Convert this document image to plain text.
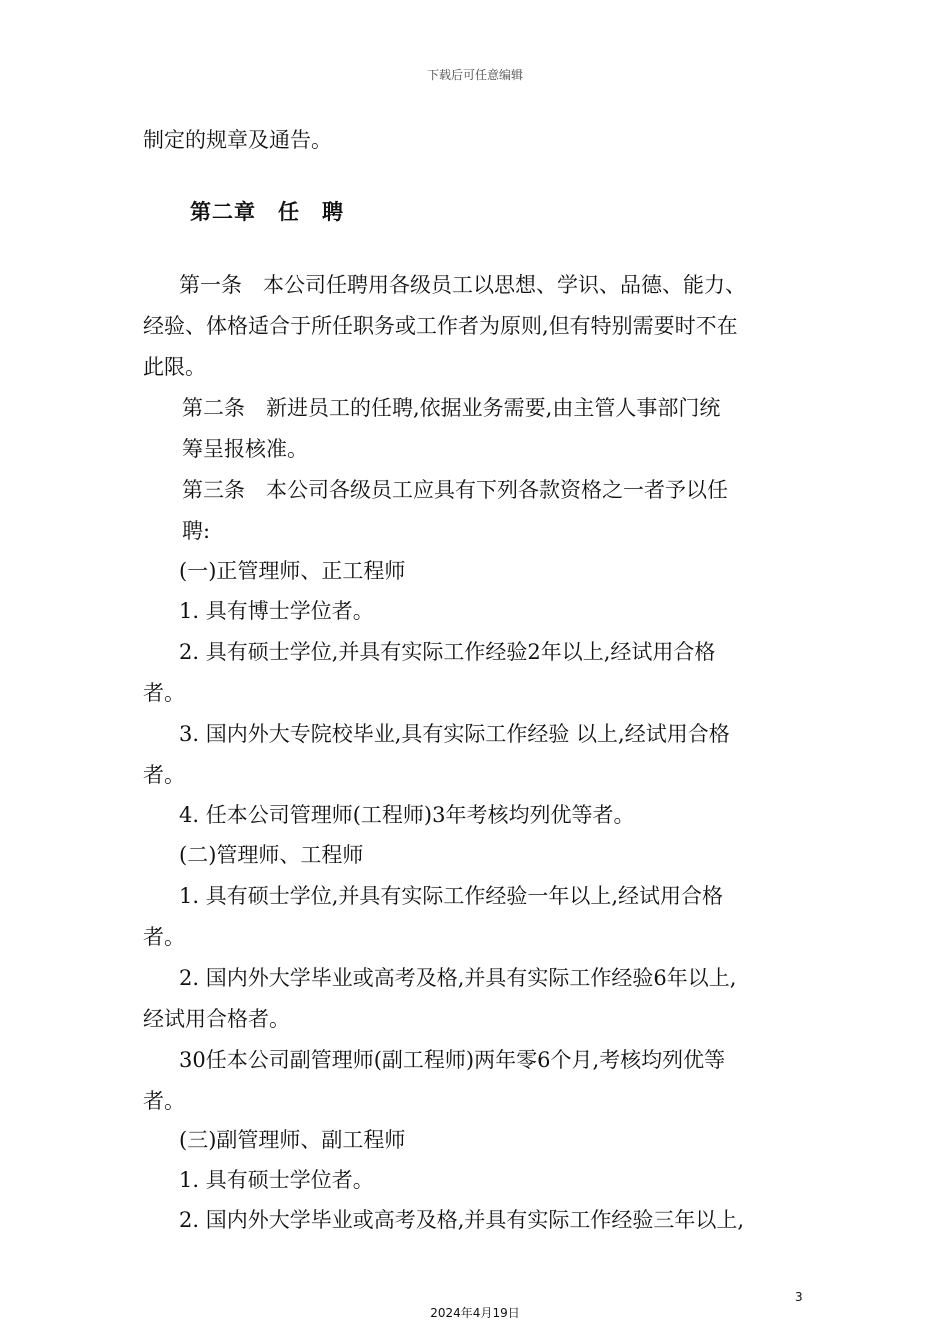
下载后可任意编辑
制定的规章及通告。
第二章　任　聘
第一条　本公司任聘用各级员工以思想、学识、品德、能力、
经验、体格适合于所任职务或工作者为原则,但有特别需要时不在
此限。
第二条　新进员工的任聘,依据业务需要,由主管人事部门统
筹呈报核准。
第三条　本公司各级员工应具有下列各款资格之一者予以任
聘:
(一)正管理师、正工程师
1. 具有博士学位者。
2. 具有硕士学位,并具有实际工作经验2年以上,经试用合格
者。
3. 国内外大专院校毕业,具有实际工作经验 以上,经试用合格
者。
4. 任本公司管理师(工程师)3年考核均列优等者。
(二)管理师、工程师
1. 具有硕士学位,并具有实际工作经验一年以上,经试用合格
者。
2. 国内外大学毕业或高考及格,并具有实际工作经验6年以上,
经试用合格者。
30任本公司副管理师(副工程师)两年零6个月,考核均列优等
者。
(三)副管理师、副工程师
1. 具有硕士学位者。
2. 国内外大学毕业或高考及格,并具有实际工作经验三年以上,
3
2024年4月19日
